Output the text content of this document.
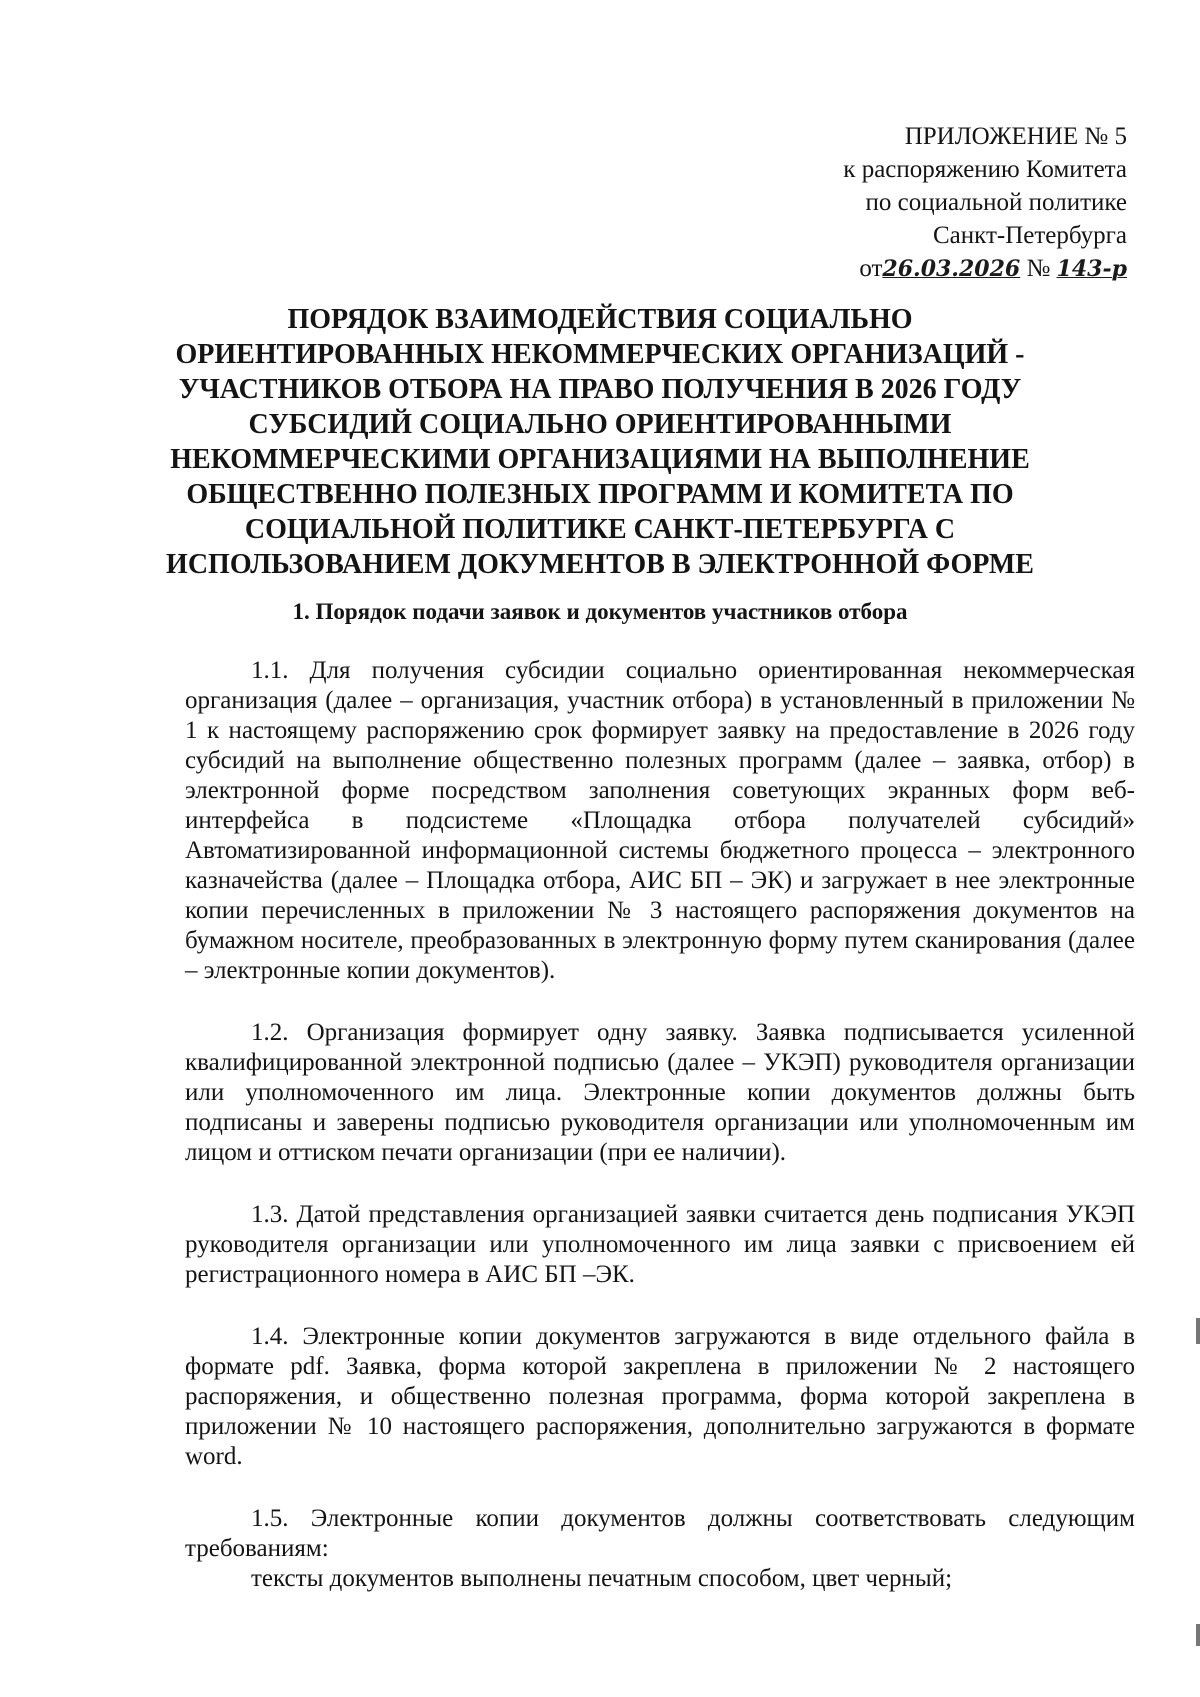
ПРИЛОЖЕНИЕ № 5
к распоряжению Комитета
по социальной политике
Санкт-Петербурга
от26.03.2026 № 143-р
ПОРЯДОК ВЗАИМОДЕЙСТВИЯ СОЦИАЛЬНО ОРИЕНТИРОВАННЫХ НЕКОММЕРЧЕСКИХ ОРГАНИЗАЦИЙ - УЧАСТНИКОВ ОТБОРА НА ПРАВО ПОЛУЧЕНИЯ В 2026 ГОДУ СУБСИДИЙ СОЦИАЛЬНО ОРИЕНТИРОВАННЫМИ НЕКОММЕРЧЕСКИМИ ОРГАНИЗАЦИЯМИ НА ВЫПОЛНЕНИЕ ОБЩЕСТВЕННО ПОЛЕЗНЫХ ПРОГРАММ И КОМИТЕТА ПО СОЦИАЛЬНОЙ ПОЛИТИКЕ САНКТ-ПЕТЕРБУРГА С ИСПОЛЬЗОВАНИЕМ ДОКУМЕНТОВ В ЭЛЕКТРОННОЙ ФОРМЕ
1. Порядок подачи заявок и документов участников отбора

1.1. Для получения субсидии социально ориентированная некоммерческая организация (далее – организация, участник отбора) в установленный в приложении № 1 к настоящему распоряжению срок формирует заявку на предоставление в 2026 году субсидий на выполнение общественно полезных программ (далее – заявка, отбор) в электронной форме посредством заполнения советующих экранных форм веб-интерфейса в подсистеме «Площадка отбора получателей субсидий» Автоматизированной информационной системы бюджетного процесса – электронного казначейства (далее – Площадка отбора, АИС БП – ЭК) и загружает в нее электронные копии перечисленных в приложении № 3 настоящего распоряжения документов на бумажном носителе, преобразованных в электронную форму путем сканирования (далее – электронные копии документов).

1.2. Организация формирует одну заявку. Заявка подписывается усиленной квалифицированной электронной подписью (далее – УКЭП) руководителя организации или уполномоченного им лица. Электронные копии документов должны быть подписаны и заверены подписью руководителя организации или уполномоченным им лицом и оттиском печати организации (при ее наличии).

1.3. Датой представления организацией заявки считается день подписания УКЭП руководителя организации или уполномоченного им лица заявки с присвоением ей регистрационного номера в АИС БП –ЭК.

1.4. Электронные копии документов загружаются в виде отдельного файла в формате pdf. Заявка, форма которой закреплена в приложении № 2 настоящего распоряжения, и общественно полезная программа, форма которой закреплена в приложении № 10 настоящего распоряжения, дополнительно загружаются в формате word.

1.5. Электронные копии документов должны соответствовать следующим требованиям:

тексты документов выполнены печатным способом, цвет черный;
